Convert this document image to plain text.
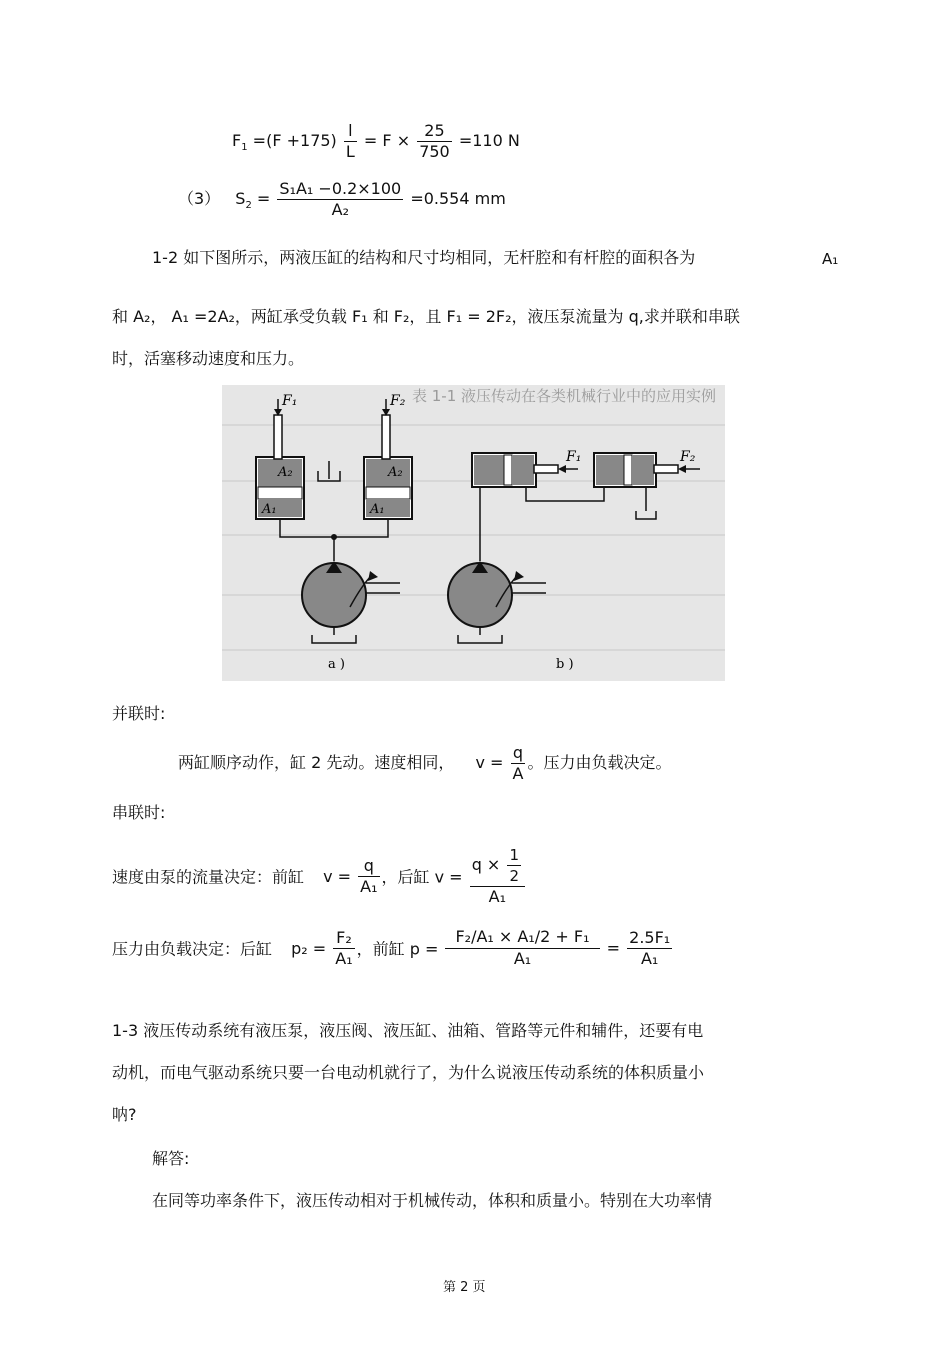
$F_1 =(F +175) \frac{l}{L} = F \times \frac{25}{750} =110$ N
（3） $S_2 = \frac{\text{S₁A₁ −0.2×100}}{\text{A₂}} =0.554$ mm
1-2 如下图所示，两液压缸的结构和尺寸均相同，无杆腔和有杆腔的面积各为	A₁
和 A₂， A₁ =2A₂，两缸承受负载 F₁ 和 F₂，且 F₁ = 2F₂，液压泵流量为 q,求并联和串联
时，活塞移动速度和压力。
表 1-1 液压传动在各类机械行业中的应用实例
F₁
A₂
A₁
F₂
A₂
A₁
a )
F₁	F₂
b )
并联时:
两缸顺序动作，缸 2 先动。速度相同， $v = \frac{q}{A}$ 。压力由负载决定。
串联时:
速度由泵的流量决定：前缸 $v = \frac{q}{\text{A₁}}$ ，后缸 $v = \frac{q \times \frac{1}{2}}{\text{A₁}}$
压力由负载决定：后缸 $p_2 = \frac{\text{F₂}}{\text{A₁}}$ ，前缸 $p = \frac{\text{F₂/A₁ × A₁/2 + F₁}}{\text{A₁}} = \frac{\text{2.5F₁}}{\text{A₁}}$
1-3 液压传动系统有液压泵，液压阀、液压缸、油箱、管路等元件和辅件，还要有电
动机，而电气驱动系统只要一台电动机就行了，为什么说液压传动系统的体积质量小
呐?
解答:
在同等功率条件下，液压传动相对于机械传动，体积和质量小。特别在大功率情
第 2 页
